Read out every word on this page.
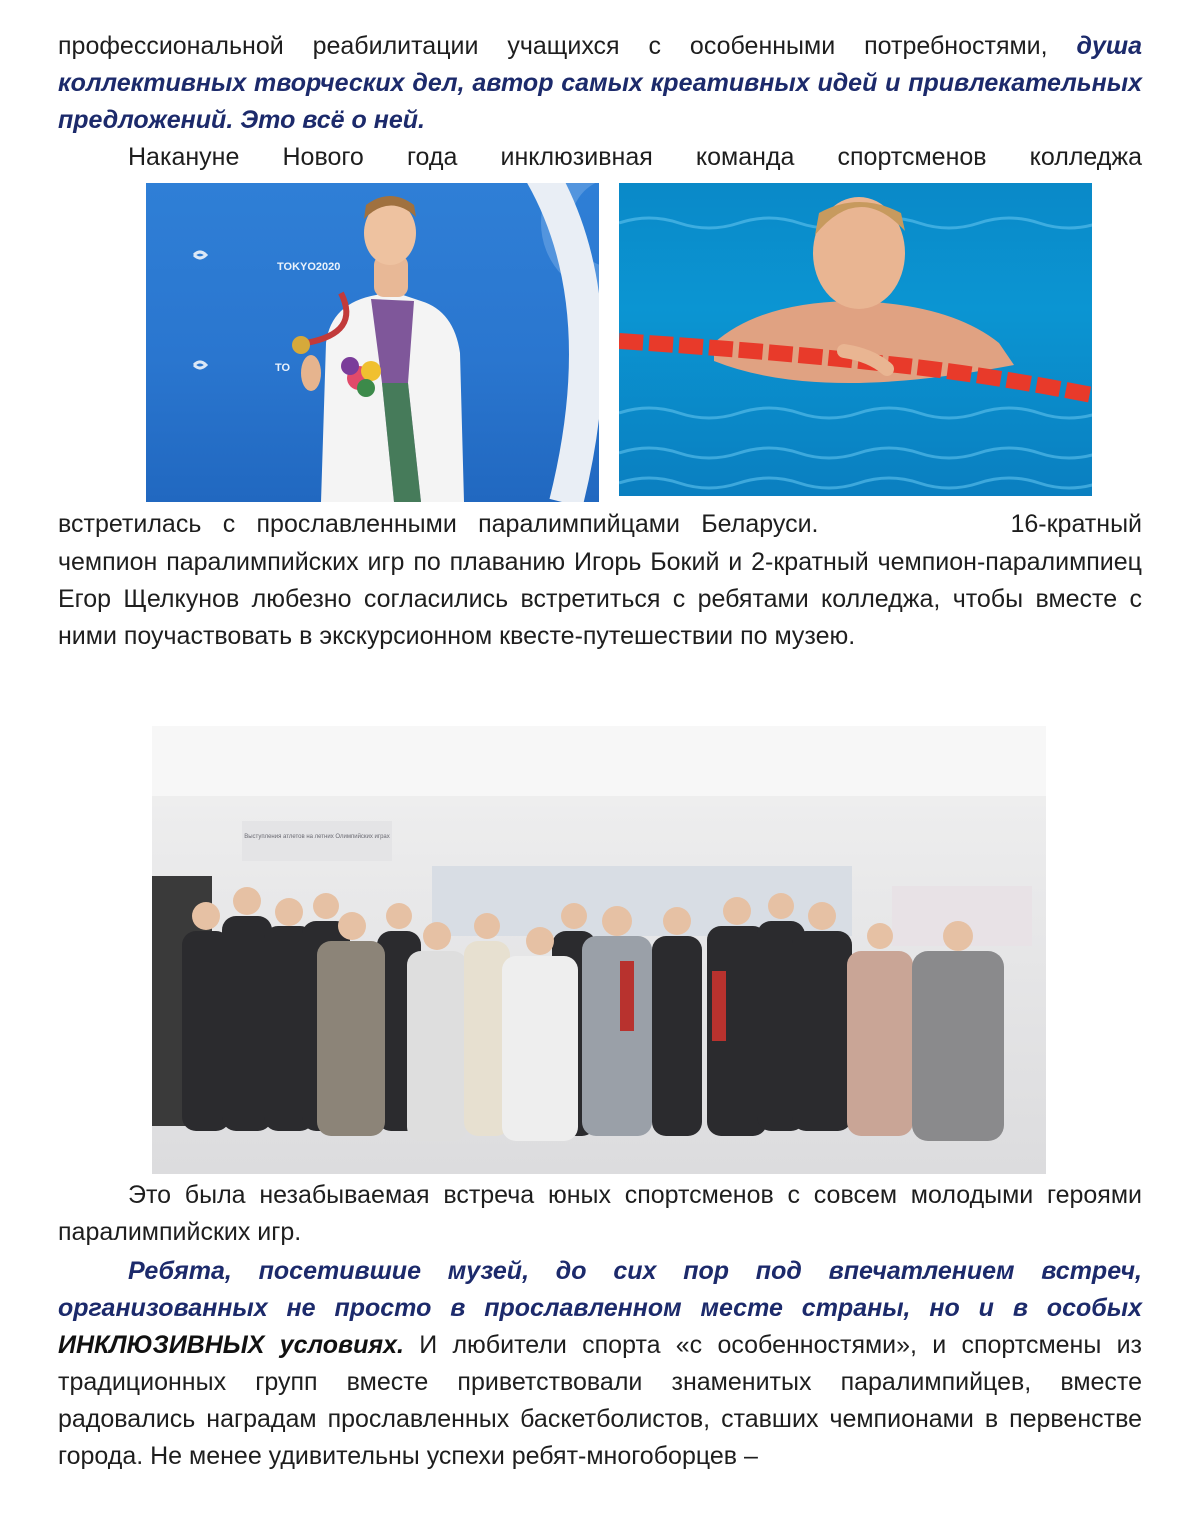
профессиональной реабилитации учащихся с особенными потребностями, душа коллективных творческих дел, автор самых креативных идей и привлекательных предложений. Это всё о ней.

Накануне Нового года инклюзивная команда спортсменов колледжа

TOKYO2020
TO

встретилась с прославленными паралимпийцами Беларуси.         16-кратный

чемпион паралимпийских игр по плаванию Игорь Бокий и 2-кратный чемпион-паралимпиец Егор Щелкунов любезно согласились встретиться с ребятами колледжа, чтобы вместе с ними поучаствовать в экскурсионном квесте-путешествии по музею.

Выступления атлетов на летних Олимпийских играх

Это была незабываемая встреча юных спортсменов с совсем молодыми героями паралимпийских игр.

Ребята, посетившие музей, до сих пор под впечатлением встреч, организованных не просто в прославленном месте страны, но и в особых ИНКЛЮЗИВНЫХ условиях. И любители спорта «с особенностями», и спортсмены из традиционных групп вместе приветствовали знаменитых паралимпийцев, вместе радовались наградам прославленных баскетболистов, ставших чемпионами в первенстве города. Не менее удивительны успехи ребят-многоборцев –
